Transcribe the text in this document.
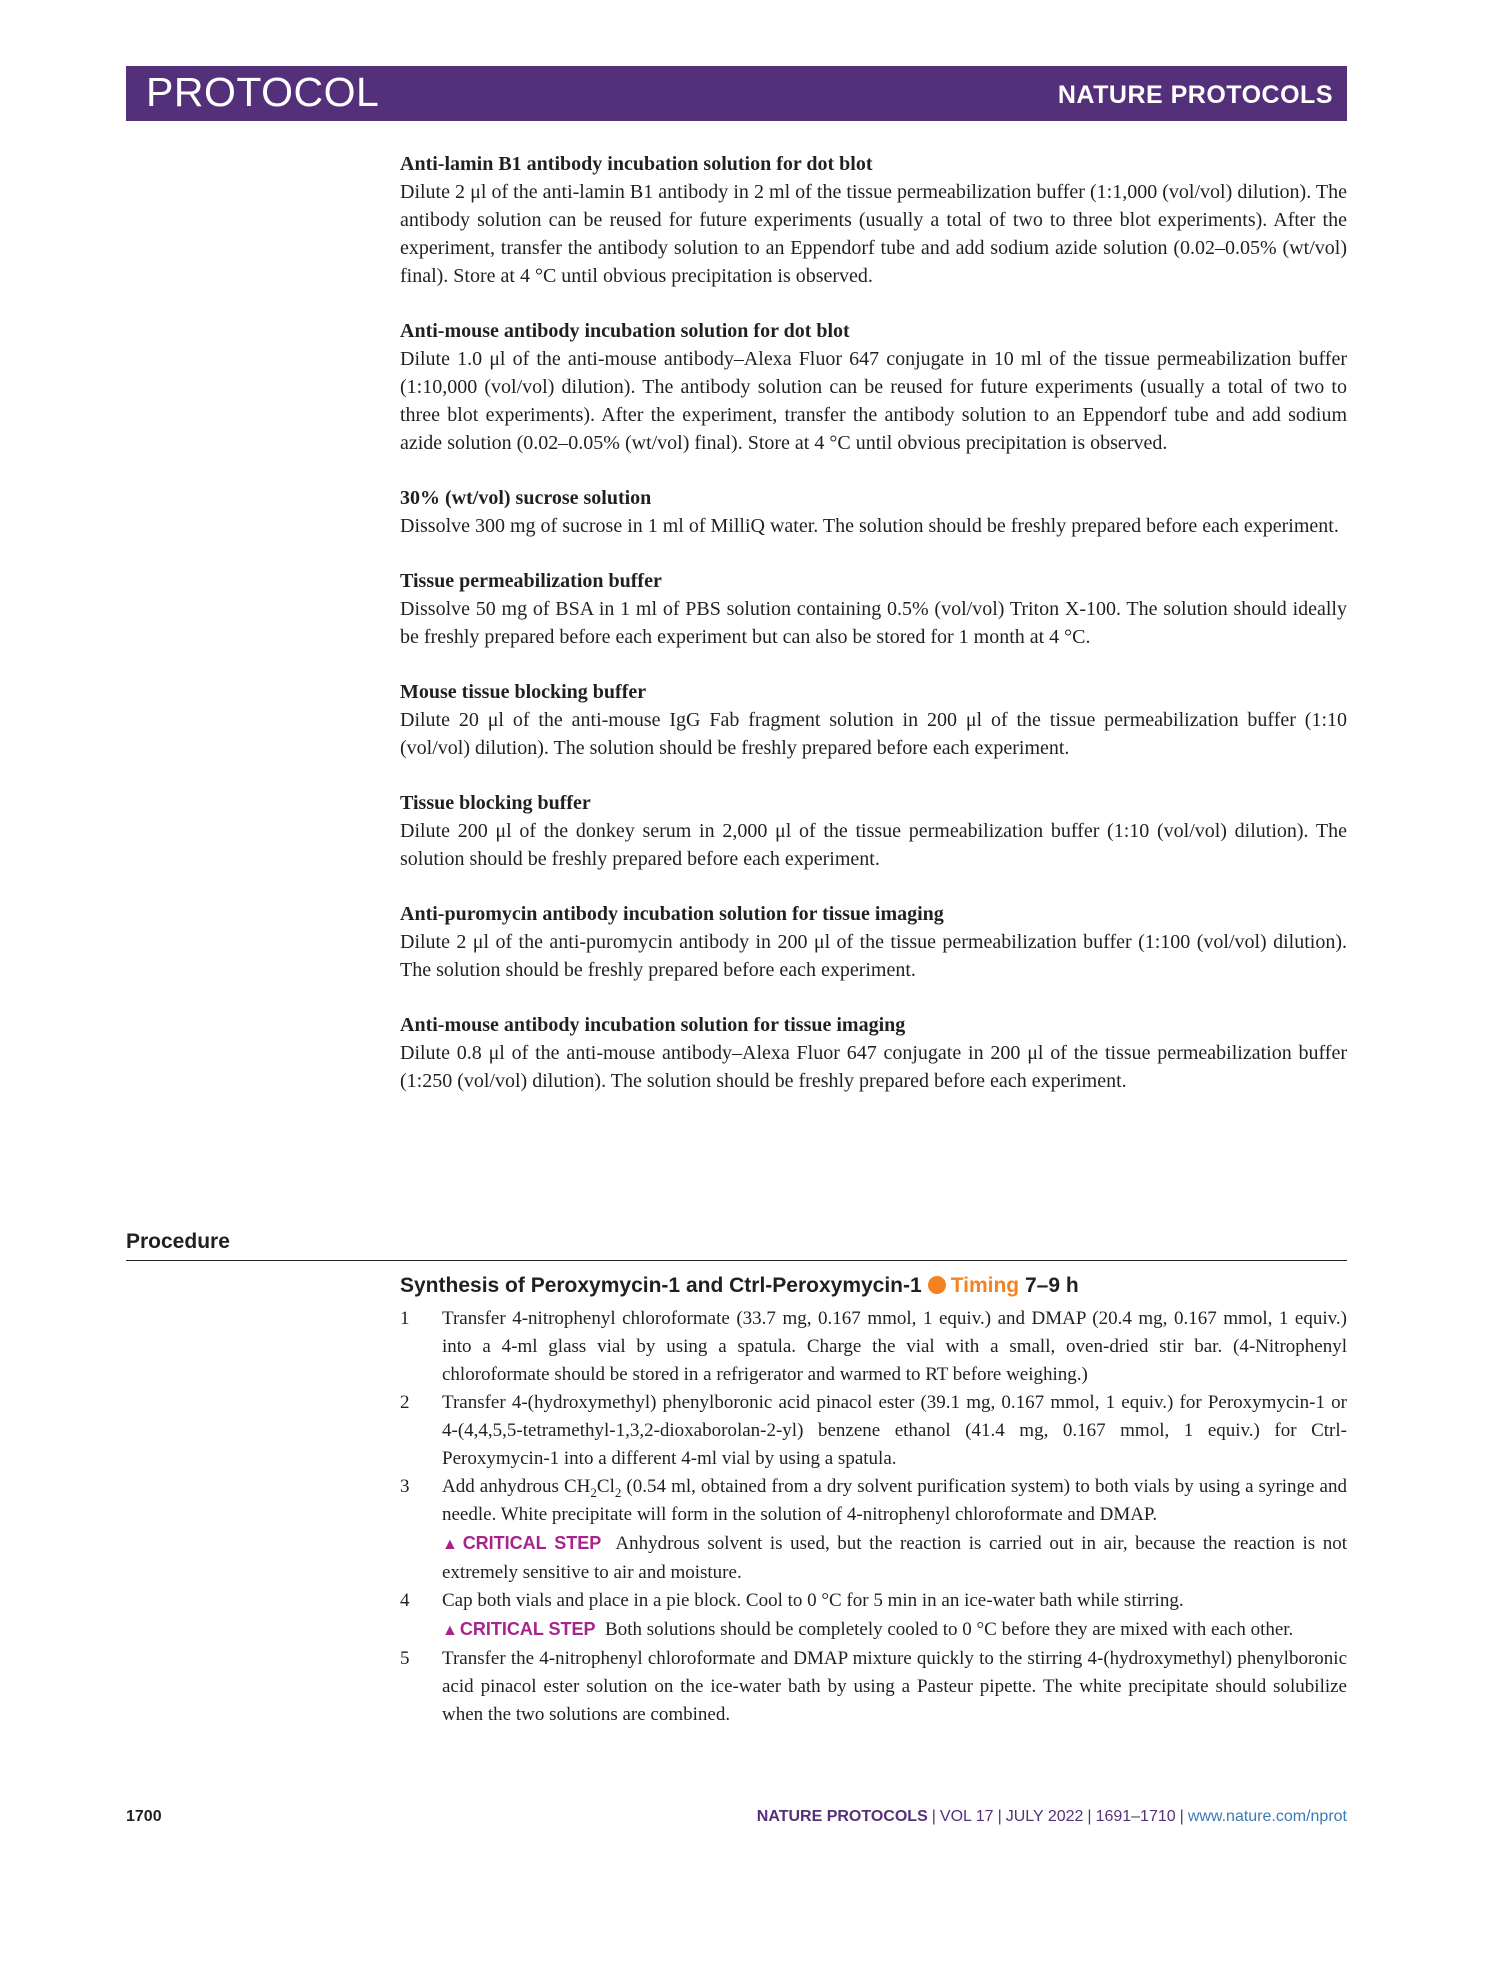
PROTOCOL	NATURE PROTOCOLS
Anti-lamin B1 antibody incubation solution for dot blot
Dilute 2 μl of the anti-lamin B1 antibody in 2 ml of the tissue permeabilization buffer (1:1,000 (vol/vol) dilution). The antibody solution can be reused for future experiments (usually a total of two to three blot experiments). After the experiment, transfer the antibody solution to an Eppendorf tube and add sodium azide solution (0.02–0.05% (wt/vol) final). Store at 4 °C until obvious precipitation is observed.
Anti-mouse antibody incubation solution for dot blot
Dilute 1.0 μl of the anti-mouse antibody–Alexa Fluor 647 conjugate in 10 ml of the tissue permeabilization buffer (1:10,000 (vol/vol) dilution). The antibody solution can be reused for future experiments (usually a total of two to three blot experiments). After the experiment, transfer the antibody solution to an Eppendorf tube and add sodium azide solution (0.02–0.05% (wt/vol) final). Store at 4 °C until obvious precipitation is observed.
30% (wt/vol) sucrose solution
Dissolve 300 mg of sucrose in 1 ml of MilliQ water. The solution should be freshly prepared before each experiment.
Tissue permeabilization buffer
Dissolve 50 mg of BSA in 1 ml of PBS solution containing 0.5% (vol/vol) Triton X-100. The solution should ideally be freshly prepared before each experiment but can also be stored for 1 month at 4 °C.
Mouse tissue blocking buffer
Dilute 20 μl of the anti-mouse IgG Fab fragment solution in 200 μl of the tissue permeabilization buffer (1:10 (vol/vol) dilution). The solution should be freshly prepared before each experiment.
Tissue blocking buffer
Dilute 200 μl of the donkey serum in 2,000 μl of the tissue permeabilization buffer (1:10 (vol/vol) dilution). The solution should be freshly prepared before each experiment.
Anti-puromycin antibody incubation solution for tissue imaging
Dilute 2 μl of the anti-puromycin antibody in 200 μl of the tissue permeabilization buffer (1:100 (vol/vol) dilution). The solution should be freshly prepared before each experiment.
Anti-mouse antibody incubation solution for tissue imaging
Dilute 0.8 μl of the anti-mouse antibody–Alexa Fluor 647 conjugate in 200 μl of the tissue permeabilization buffer (1:250 (vol/vol) dilution). The solution should be freshly prepared before each experiment.
Procedure
Synthesis of Peroxymycin-1 and Ctrl-Peroxymycin-1 Timing 7–9 h
1	Transfer 4-nitrophenyl chloroformate (33.7 mg, 0.167 mmol, 1 equiv.) and DMAP (20.4 mg, 0.167 mmol, 1 equiv.) into a 4-ml glass vial by using a spatula. Charge the vial with a small, oven-dried stir bar. (4-Nitrophenyl chloroformate should be stored in a refrigerator and warmed to RT before weighing.)
2	Transfer 4-(hydroxymethyl) phenylboronic acid pinacol ester (39.1 mg, 0.167 mmol, 1 equiv.) for Peroxymycin-1 or 4-(4,4,5,5-tetramethyl-1,3,2-dioxaborolan-2-yl) benzene ethanol (41.4 mg, 0.167 mmol, 1 equiv.) for Ctrl-Peroxymycin-1 into a different 4-ml vial by using a spatula.
3	Add anhydrous $CH_2Cl_2$ (0.54 ml, obtained from a dry solvent purification system) to both vials by using a syringe and needle. White precipitate will form in the solution of 4-nitrophenyl chloroformate and DMAP.
▲ CRITICAL STEP Anhydrous solvent is used, but the reaction is carried out in air, because the reaction is not extremely sensitive to air and moisture.
4	Cap both vials and place in a pie block. Cool to 0 °C for 5 min in an ice-water bath while stirring.
▲ CRITICAL STEP Both solutions should be completely cooled to 0 °C before they are mixed with each other.
5	Transfer the 4-nitrophenyl chloroformate and DMAP mixture quickly to the stirring 4-(hydroxymethyl) phenylboronic acid pinacol ester solution on the ice-water bath by using a Pasteur pipette. The white precipitate should solubilize when the two solutions are combined.
1700	NATURE PROTOCOLS | VOL 17 | JULY 2022 | 1691–1710 | www.nature.com/nprot
